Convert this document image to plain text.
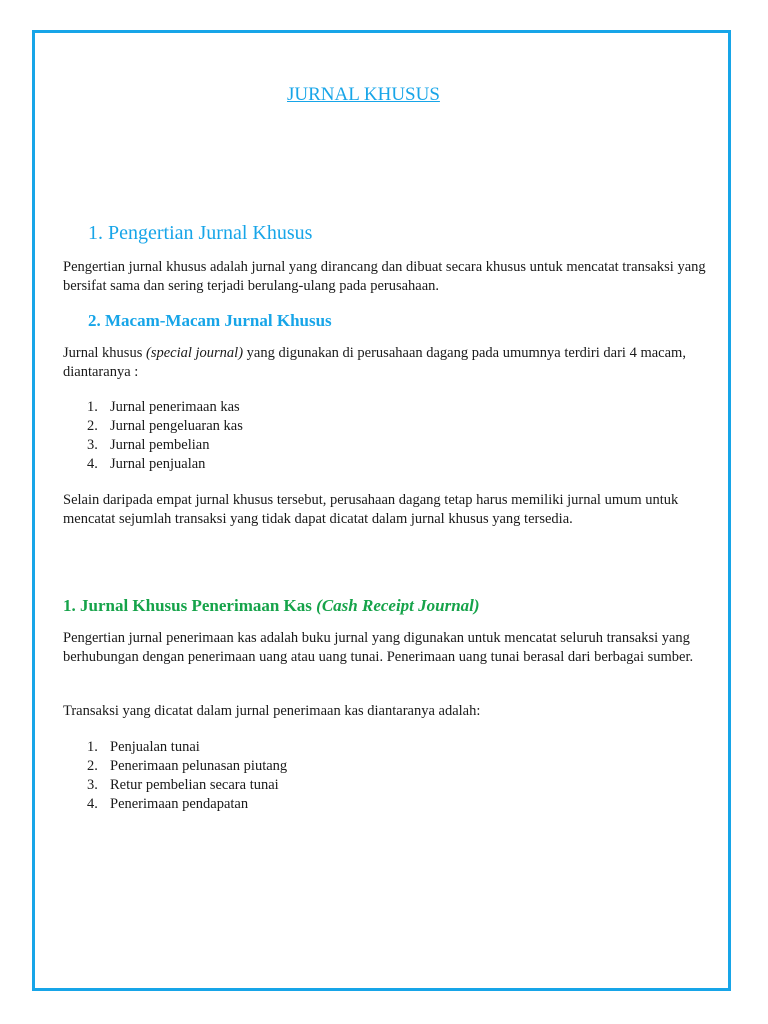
JURNAL KHUSUS
1. Pengertian Jurnal Khusus

Pengertian jurnal khusus adalah jurnal yang dirancang dan dibuat secara khusus untuk mencatat transaksi yang bersifat sama dan sering terjadi berulang-ulang pada perusahaan.

2. Macam-Macam Jurnal Khusus

Jurnal khusus (special journal) yang digunakan di perusahaan dagang pada umumnya terdiri dari 4 macam, diantaranya :

1. Jurnal penerimaan kas
2. Jurnal pengeluaran kas
3. Jurnal pembelian
4. Jurnal penjualan

Selain daripada empat jurnal khusus tersebut, perusahaan dagang tetap harus memiliki jurnal umum untuk mencatat sejumlah transaksi yang tidak dapat dicatat dalam jurnal khusus yang tersedia.

1. Jurnal Khusus Penerimaan Kas (Cash Receipt Journal)

Pengertian jurnal penerimaan kas adalah buku jurnal yang digunakan untuk mencatat seluruh transaksi yang berhubungan dengan penerimaan uang atau uang tunai. Penerimaan uang tunai berasal dari berbagai sumber.

Transaksi yang dicatat dalam jurnal penerimaan kas diantaranya adalah:

1. Penjualan tunai
2. Penerimaan pelunasan piutang
3. Retur pembelian secara tunai
4. Penerimaan pendapatan
